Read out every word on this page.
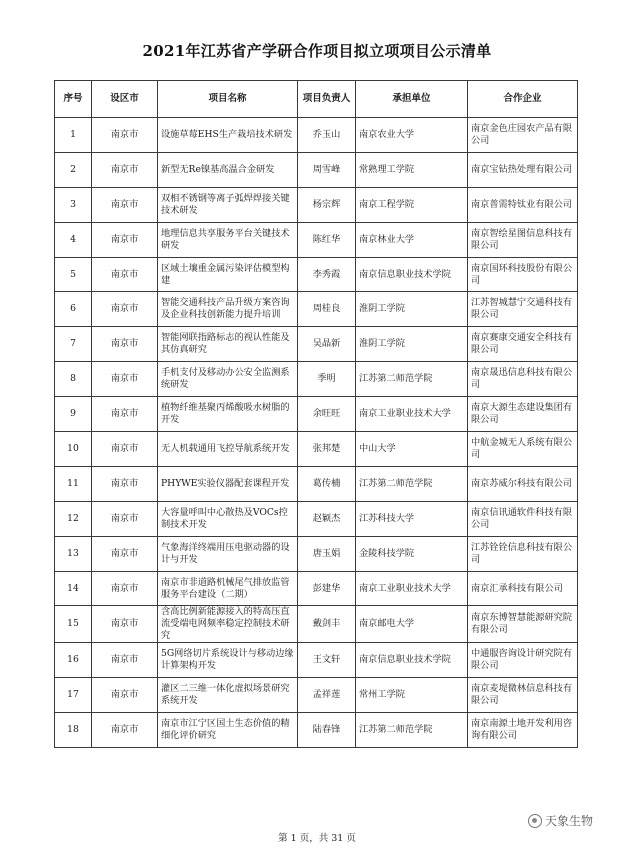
2021年江苏省产学研合作项目拟立项项目公示清单
序号	设区市	项目名称	项目负责人	承担单位	合作企业
1	南京市	设施草莓EHS生产栽培技术研发	乔玉山	南京农业大学	南京金色庄园农产品有限公司
2	南京市	新型无Re镍基高温合金研发	周雪峰	常熟理工学院	南京宝钻热处理有限公司
3	南京市	双相不锈钢等离子弧焊焊接关键技术研发	杨宗辉	南京工程学院	南京普需特钛业有限公司
4	南京市	地理信息共享服务平台关键技术研发	陈红华	南京林业大学	南京智绘星图信息科技有限公司
5	南京市	区域土壤重金属污染评估模型构建	李秀霞	南京信息职业技术学院	南京国环科技股份有限公司
6	南京市	智能交通科技产品升级方案咨询及企业科技创新能力提升培训	周桂良	淮阴工学院	江苏智城慧宁交通科技有限公司
7	南京市	智能网联指路标志的视认性能及其仿真研究	吴晶新	淮阴工学院	南京赛康交通安全科技有限公司
8	南京市	手机支付及移动办公安全监测系统研发	季明	江苏第二师范学院	南京晟迅信息科技有限公司
9	南京市	植物纤维基聚丙烯酸吸水树脂的开发	余旺旺	南京工业职业技术大学	南京大源生态建设集团有限公司
10	南京市	无人机载通用飞控导航系统开发	张邦楚	中山大学	中航金城无人系统有限公司
11	南京市	PHYWE实验仪器配套课程开发	葛传楠	江苏第二师范学院	南京苏威尔科技有限公司
12	南京市	大容量呼叫中心散热及VOCs控制技术开发	赵颖杰	江苏科技大学	南京信讯通软件科技有限公司
13	南京市	气象海洋终端用压电驱动器的设计与开发	唐玉娟	金陵科技学院	江苏铨铨信息科技有限公司
14	南京市	南京市非道路机械尾气排放监管服务平台建设（二期）	彭建华	南京工业职业技术大学	南京汇承科技有限公司
15	南京市	含高比例新能源接入的特高压直流受端电网频率稳定控制技术研究	戴剑丰	南京邮电大学	南京东博智慧能源研究院有限公司
16	南京市	5G网络切片系统设计与移动边缘计算架构开发	王文轩	南京信息职业技术学院	中通服咨询设计研究院有限公司
17	南京市	灌区二三维一体化虚拟场景研究系统开发	孟祥莲	常州工学院	南京麦堤微林信息科技有限公司
18	南京市	南京市江宁区国土生态价值的精细化评价研究	陆春锋	江苏第二师范学院	南京南源土地开发利用咨询有限公司
第 1 页，共 31 页
天象生物
